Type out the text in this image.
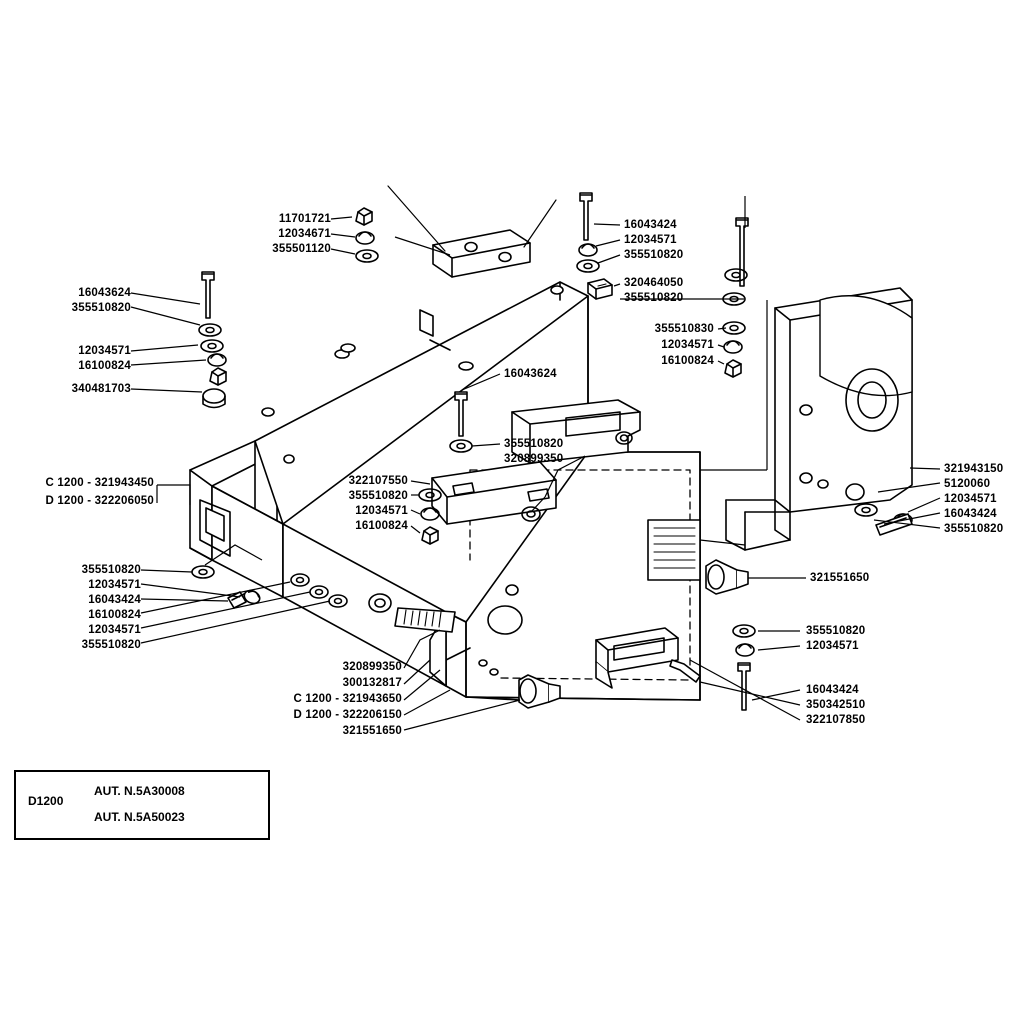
11701721
12034671
355501120
16043624
355510820
12034571
16100824
340481703
16043424
12034571
355510820
320464050
355510820
355510830
12034571
16100824
16043624
355510820
320899350
322107550
355510820
12034571
16100824
C 1200 - 321943450
D 1200 - 322206050
355510820
12034571
16043424
16100824
12034571
355510820
320899350
300132817
C 1200 - 321943650
D 1200 - 322206150
321551650
321943150
5120060
12034571
16043424
355510820
321551650
355510820
12034571
16043424
350342510
322107850
D1200
AUT. N.5A30008
AUT. N.5A50023
